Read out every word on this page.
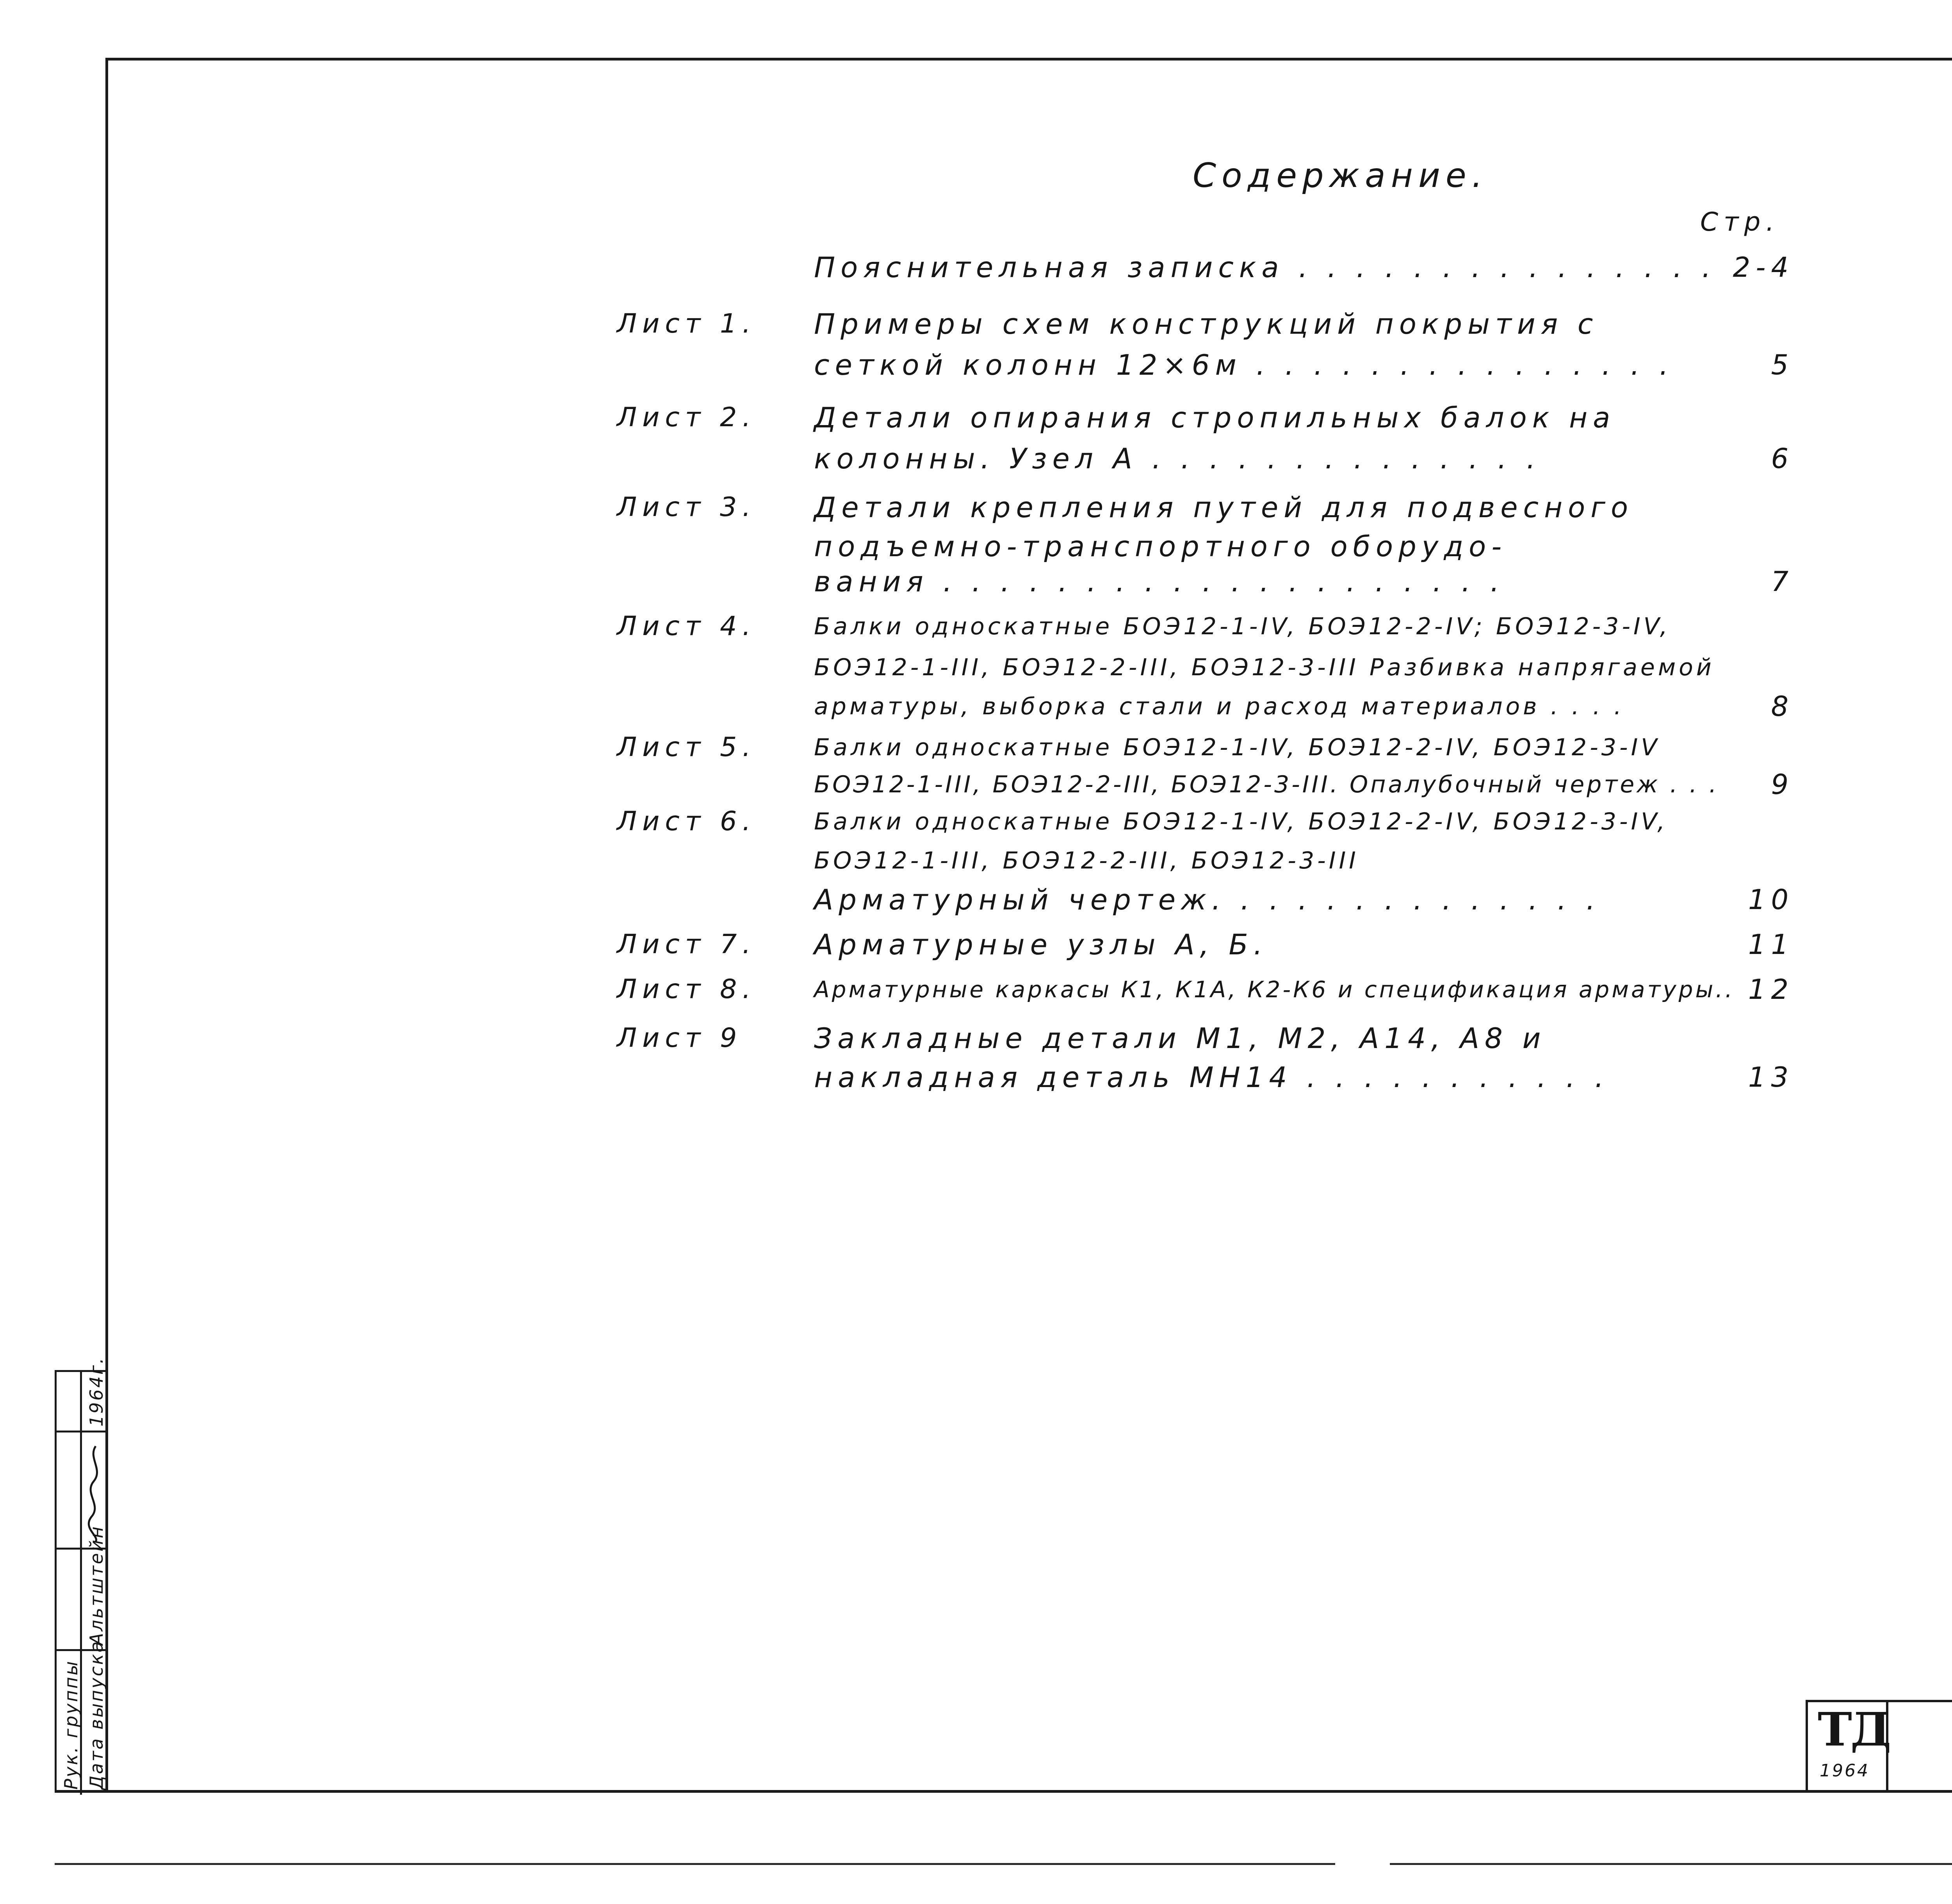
Содержание.
Стр.
Пояснительная записка . . . . . . . . . . . . . . . 2-4
Лист 1. Примеры схем конструкций покрытия с
сеткой колонн 12×6м . . . . . . . . . . . . . . .	5
Лист 2. Детали опирания стропильных балок на
колонны. Узел А . . . . . . . . . . . . . .	6
Лист 3. Детали крепления путей для подвесного
подъемно-транспортного оборудо-
вания . . . . . . . . . . . . . . . . . . . .	7
Лист 4. Балки односкатные БОЭ12-1-IV, БОЭ12-2-IV; БОЭ12-3-IV,
БОЭ12-1-III, БОЭ12-2-III, БОЭ12-3-III Разбивка напрягаемой
арматуры, выборка стали и расход материалов . . . .	8
Лист 5. Балки односкатные БОЭ12-1-IV, БОЭ12-2-IV, БОЭ12-3-IV
БОЭ12-1-III, БОЭ12-2-III, БОЭ12-3-III. Опалубочный чертеж . . .	9
Лист 6. Балки односкатные БОЭ12-1-IV, БОЭ12-2-IV, БОЭ12-3-IV,
БОЭ12-1-III, БОЭ12-2-III, БОЭ12-3-III
Арматурный чертеж. . . . . . . . . . . . . .	10
Лист 7. Арматурные узлы А, Б.	11
Лист 8.	Арматурные каркасы К1, К1А, К2-К6 и спецификация арматуры.. 12
Лист 9	Закладные детали М1, М2, А14, А8 и
накладная деталь МН14 . . . . . . . . . . .	13
Рук. группы
Альтштейн
1964г.
Дата выпуска	ТД
1964
